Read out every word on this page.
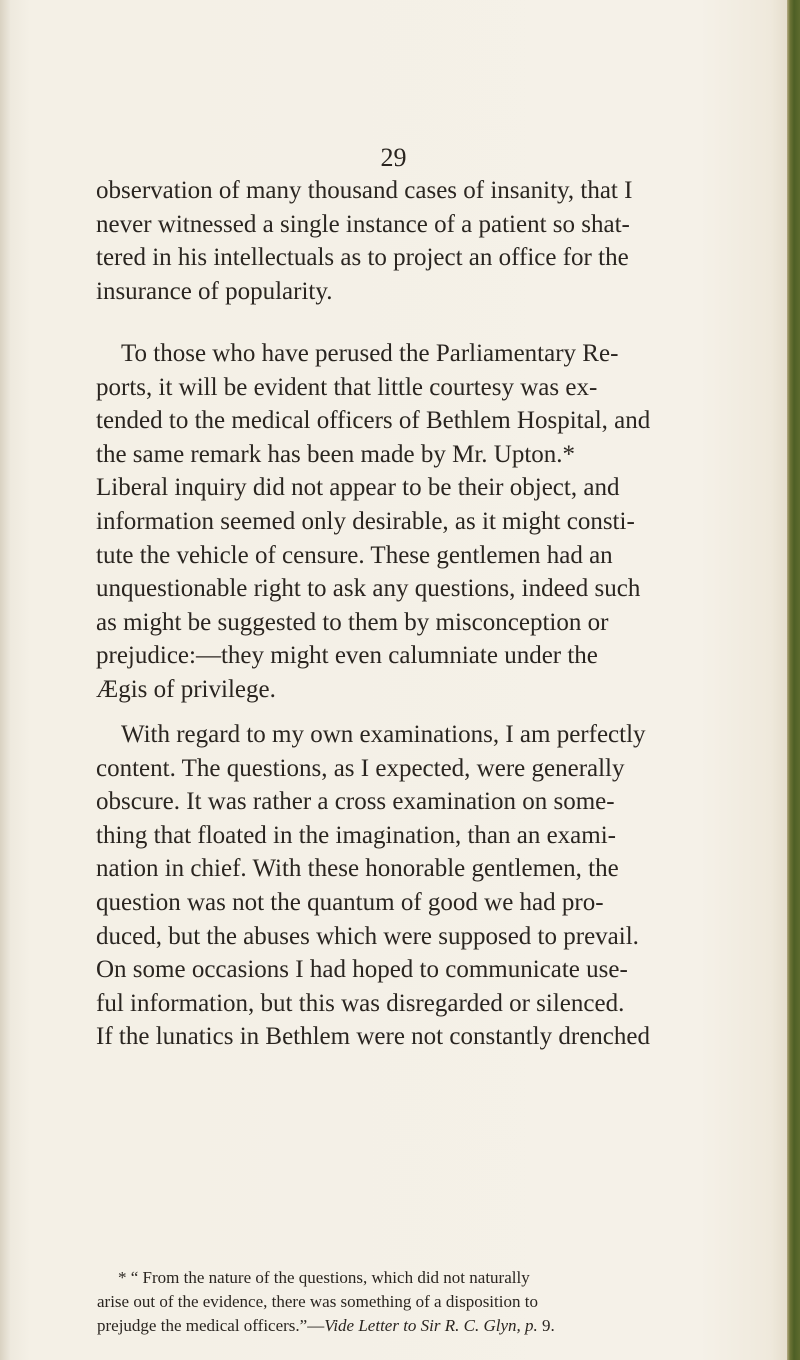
29

observation of many thousand cases of insanity, that I
never witnessed a single instance of a patient so shat-
tered in his intellectuals as to project an office for the
insurance of popularity.

To those who have perused the Parliamentary Re-
ports, it will be evident that little courtesy was ex-
tended to the medical officers of Bethlem Hospital, and
the same remark has been made by Mr. Upton.*
Liberal inquiry did not appear to be their object, and
information seemed only desirable, as it might consti-
tute the vehicle of censure. These gentlemen had an
unquestionable right to ask any questions, indeed such
as might be suggested to them by misconception or
prejudice:—they might even calumniate under the
Ægis of privilege.

With regard to my own examinations, I am perfectly
content. The questions, as I expected, were generally
obscure. It was rather a cross examination on some-
thing that floated in the imagination, than an exami-
nation in chief. With these honorable gentlemen, the
question was not the quantum of good we had pro-
duced, but the abuses which were supposed to prevail.
On some occasions I had hoped to communicate use-
ful information, but this was disregarded or silenced.
If the lunatics in Bethlem were not constantly drenched

* “ From the nature of the questions, which did not naturally
arise out of the evidence, there was something of a disposition to
prejudge the medical officers.”—Vide Letter to Sir R. C. Glyn, p. 9.
